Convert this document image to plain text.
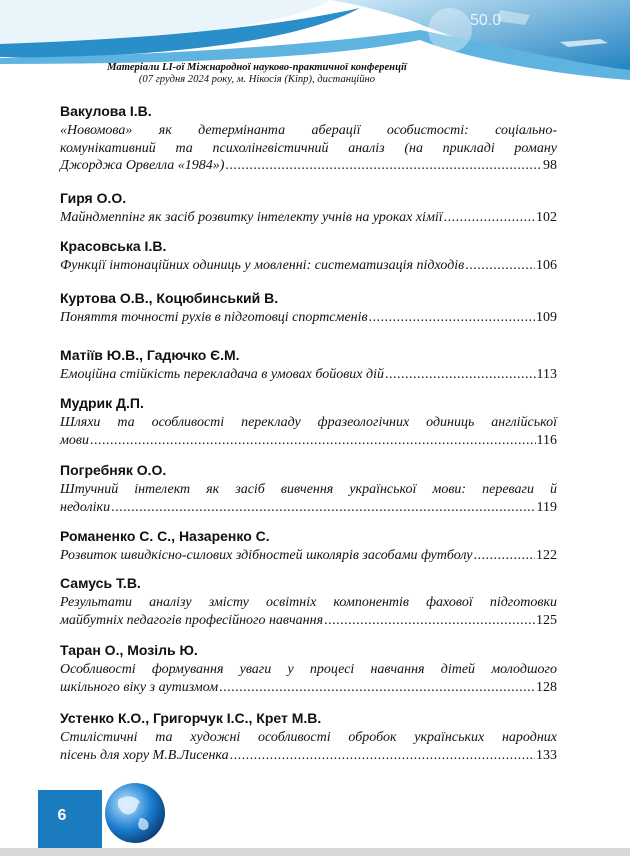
50.0
Матеріали LI-ої Міжнародної науково-практичної конференції
(07 грудня 2024 року, м. Нікосія (Кіпр), дистанційно
Вакулова І.В.
«Новомова» як детермінанта аберації особистості: соціально-
комунікативний та психолінгвістичний аналіз (на прикладі роману
Джорджа Орвелла «1984») .....	98
Гиря О.О.
Майндмеппінг як засіб розвитку інтелекту учнів на уроках хімії .....	102
Красовська І.В.
Функції інтонаційних одиниць у мовленні: систематизація підходів .....	106
Куртова О.В., Коцюбинський В.
Поняття точності рухів в підготовці спортсменів .....	109
Матіїв Ю.В., Гадючко Є.М.
Емоційна стійкість перекладача в умовах бойових дій .....	113
Мудрик Д.П.
Шляхи та особливості перекладу фразеологічних одиниць англійської
мови .....	116
Погребняк О.О.
Штучний інтелект як засіб вивчення української мови: переваги й
недоліки .....	119
Романенко С. С., Назаренко С.
Розвиток швидкісно-силових здібностей школярів засобами футболу .....	122
Самусь Т.В.
Результати аналізу змісту освітніх компонентів фахової підготовки
майбутніх педагогів професійного навчання .....	125
Таран О., Мозіль Ю.
Особливості формування уваги у процесі навчання дітей молодшого
шкільного віку з аутизмом .....	128
Устенко К.О., Григорчук І.С., Крет М.В.
Стилістичні та художні особливості обробок українських народних
пісень для хору М.В.Лисенка .....	133
6
